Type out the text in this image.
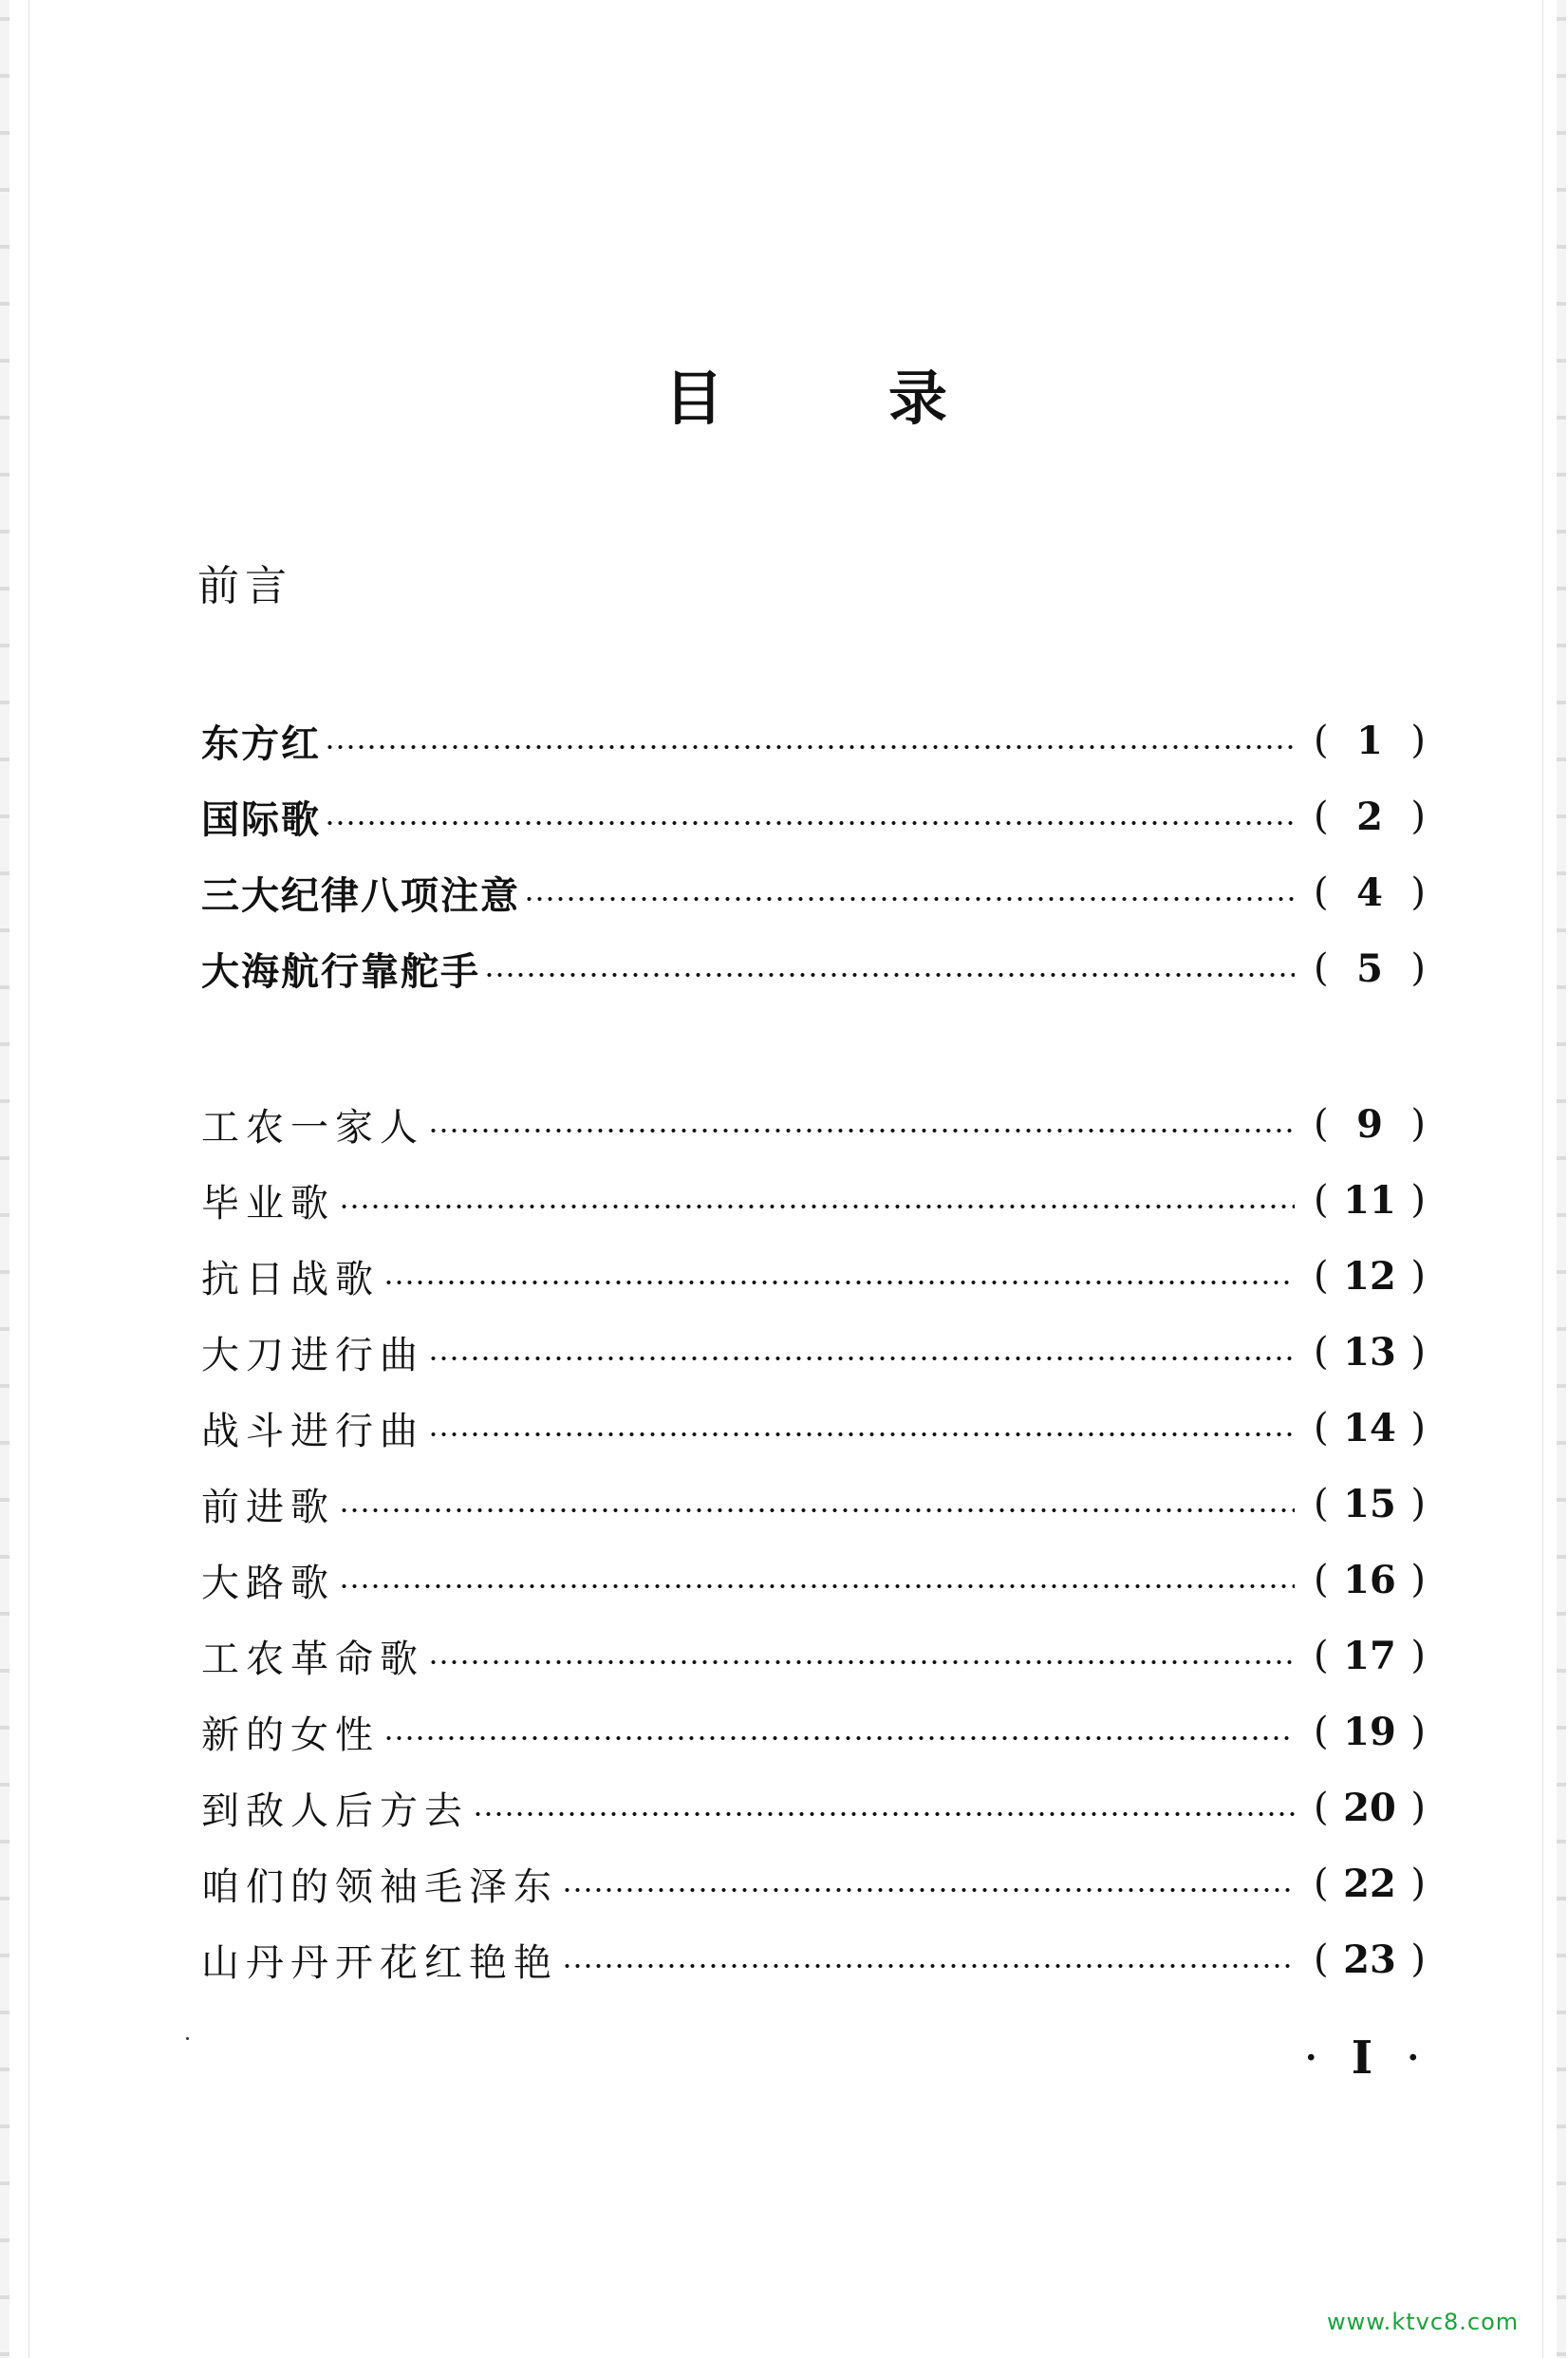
目	录
前言
东方红	( 1 )
国际歌	( 2 )
三大纪律八项注意	( 4 )
大海航行靠舵手	( 5 )
工农一家人	( 9 )
毕业歌	( 11 )
抗日战歌	( 12 )
大刀进行曲	( 13 )
战斗进行曲	( 14 )
前进歌	( 15 )
大路歌	( 16 )
工农革命歌	( 17 )
新的女性	( 19 )
到敌人后方去	( 20 )
咱们的领袖毛泽东	( 22 )
山丹丹开花红艳艳	( 23 )
· I ·
www.ktvc8.com
